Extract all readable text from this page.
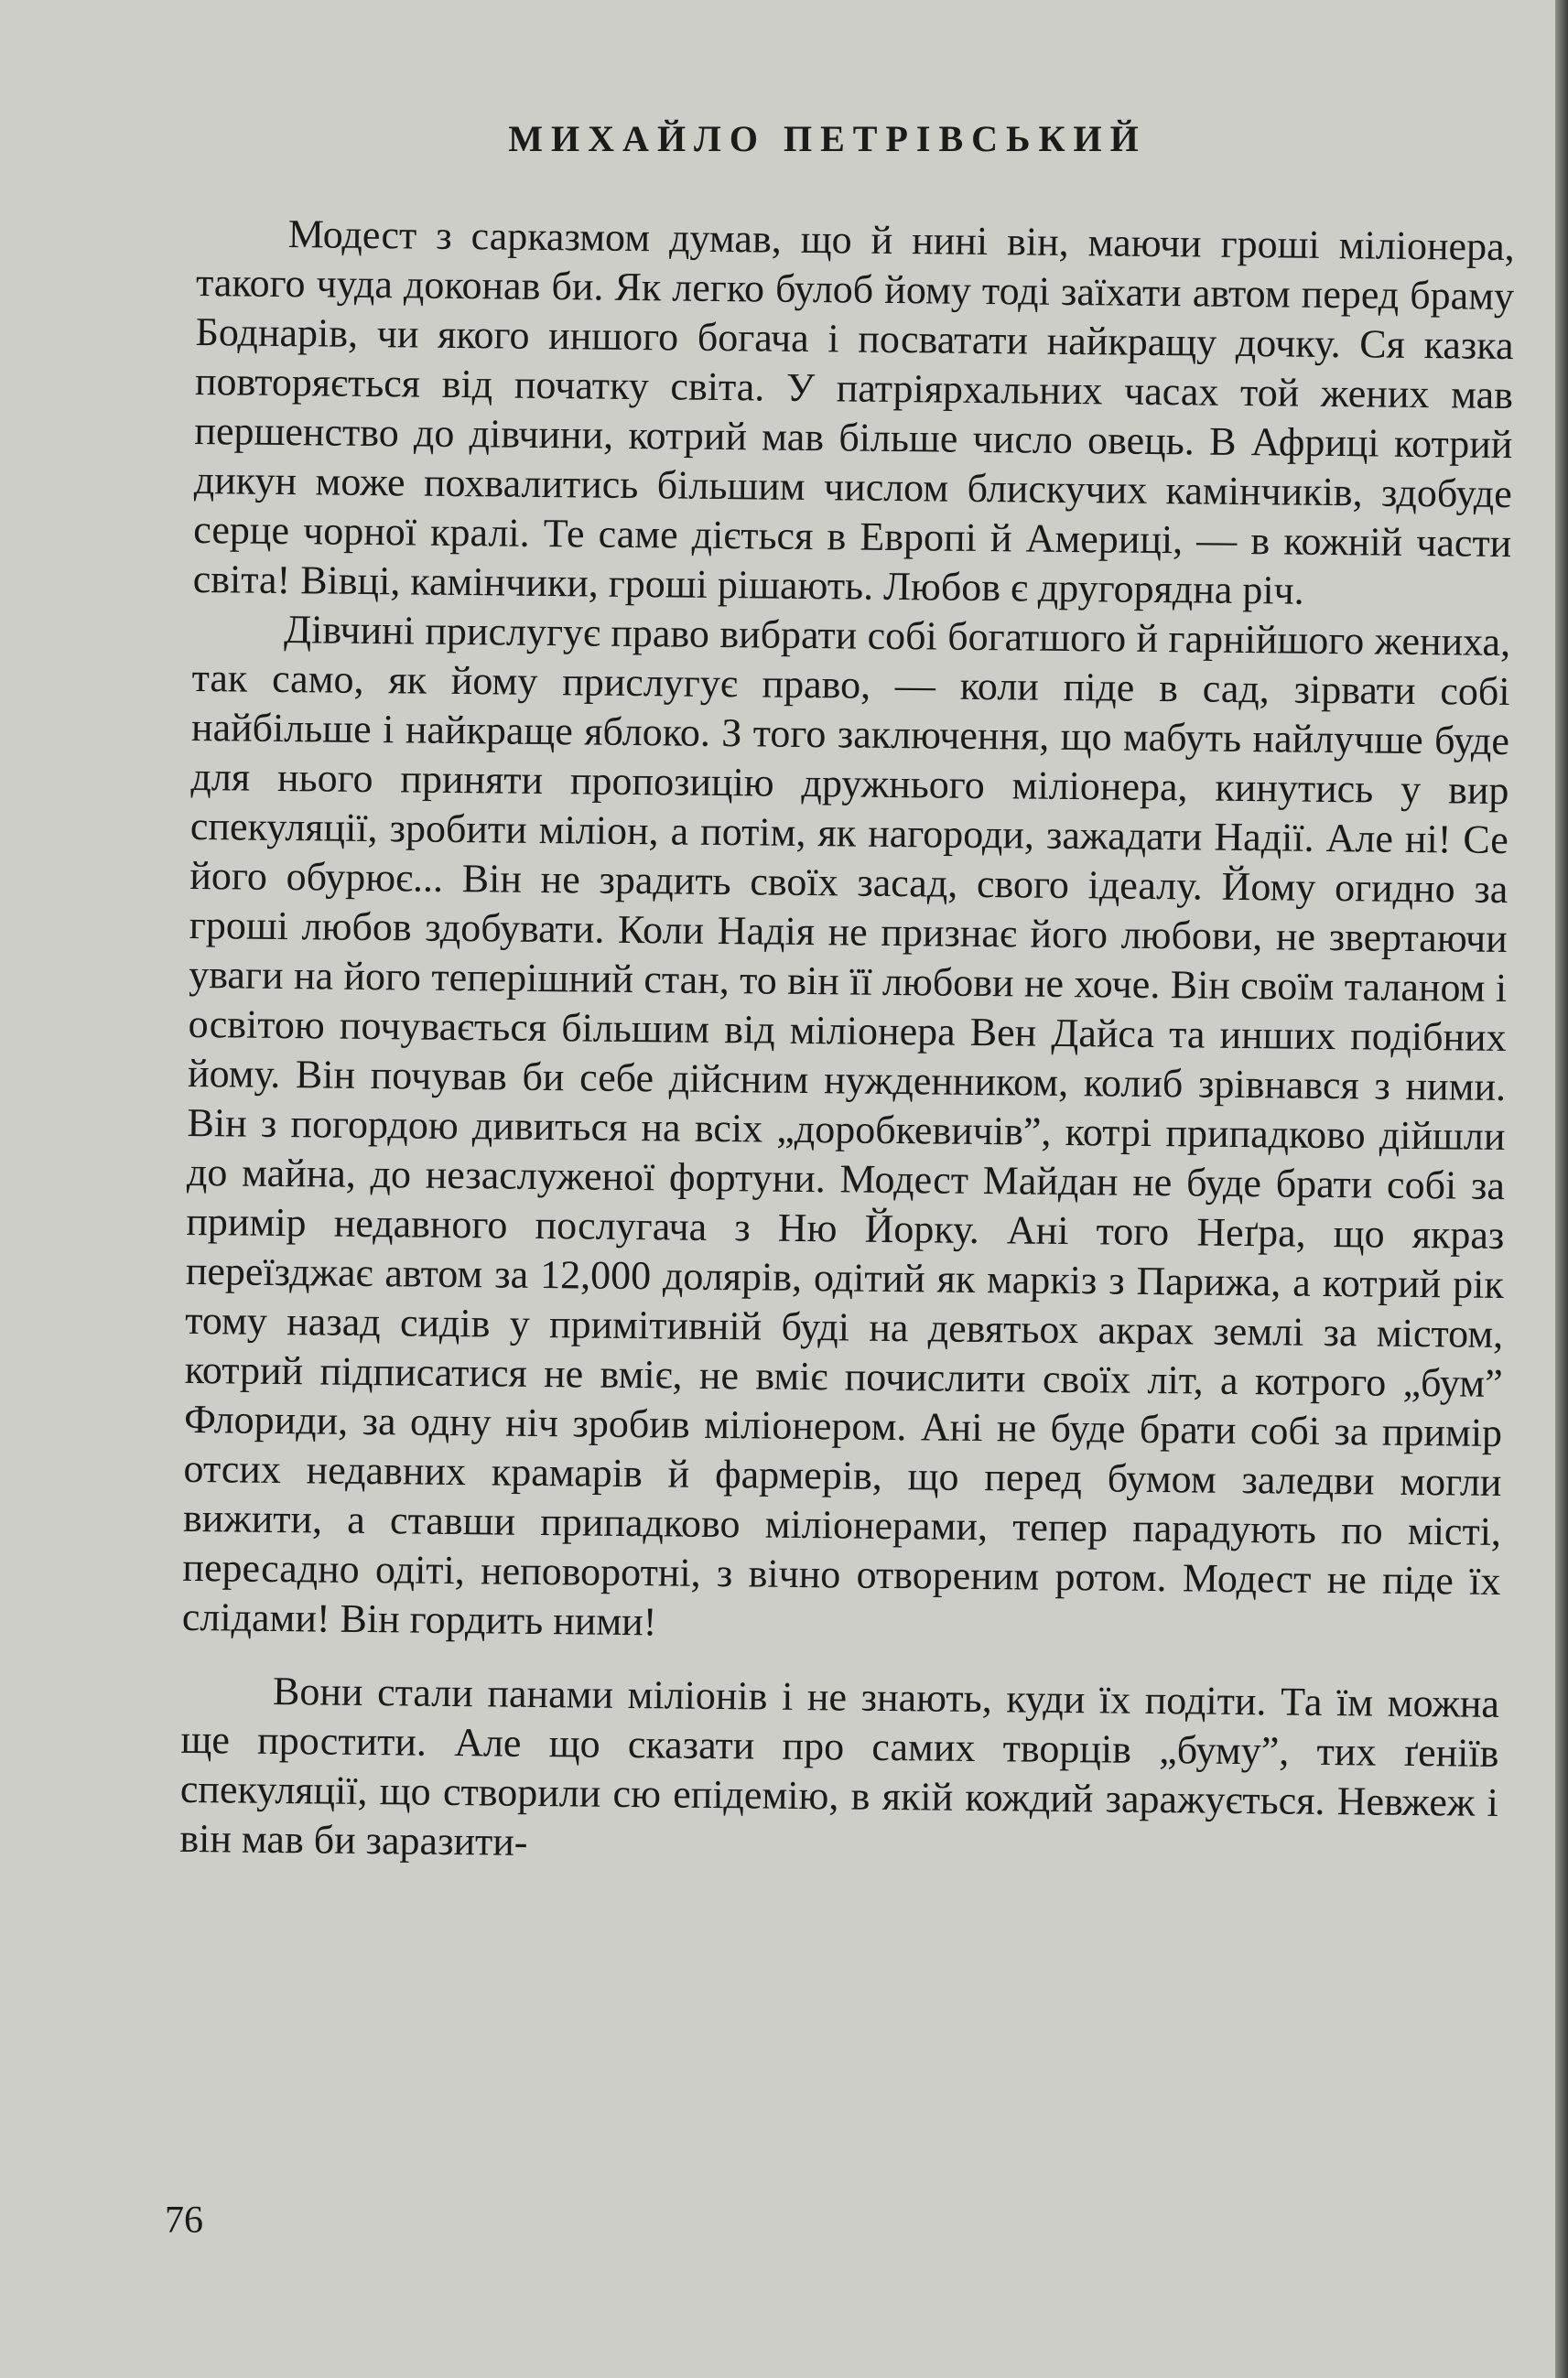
МИХАЙЛО ПЕТРІВСЬКИЙ

Модест з сарказмом думав, що й нині він, маючи гроші міліонера, такого чуда доконав би. Як легко булоб йому тоді заїхати автом перед браму Боднарів, чи якого иншого богача і посватати найкращу дочку. Ся казка повторяється від початку світа. У патріярхальних часах той жених мав першенство до дівчини, котрий мав більше число овець. В Африці котрий дикун може похвалитись більшим числом блискучих камінчиків, здобуде серце чорної кралі. Те саме діється в Европі й Америці, — в кожній части світа! Вівці, камінчики, гроші рішають. Любов є другорядна річ.

Дівчині прислугує право вибрати собі богатшого й гарнійшого жениха, так само, як йому прислугує право, — коли піде в сад, зірвати собі найбільше і найкраще яблоко. З того заключення, що мабуть найлучше буде для нього приняти пропозицію дружнього міліонера, кинутись у вир спекуляції, зробити міліон, а потім, як нагороди, зажадати Надії. Але ні! Се його обурює... Він не зрадить своїх засад, свого ідеалу. Йому огидно за гроші любов здобувати. Коли Надія не признає його любови, не звертаючи уваги на його теперішний стан, то він її любови не хоче. Він своїм таланом і освітою почувається більшим від міліонера Вен Дайса та инших подібних йому. Він почував би себе дійсним нужденником, колиб зрівнався з ними. Він з погордою дивиться на всіх „доробкевичів”, котрі припадково дійшли до майна, до незаслуженої фортуни. Модест Майдан не буде брати собі за примір недавного послугача з Ню Йорку. Ані того Неґра, що якраз переїзджає автом за 12,000 долярів, одітий як маркіз з Парижа, а котрий рік тому назад сидів у примітивній буді на девятьох акрах землі за містом, котрий підписатися не вміє, не вміє почислити своїх літ, а котрого „бум” Флориди, за одну ніч зробив міліонером. Ані не буде брати собі за примір отсих недавних крамарів й фармерів, що перед бумом заледви могли вижити, а ставши припадково міліонерами, тепер парадують по місті, пересадно одіті, неповоротні, з вічно отвореним ротом. Модест не піде їх слідами! Він гордить ними!

Вони стали панами міліонів і не знають, куди їх подіти. Та їм можна ще простити. Але що сказати про самих творців „буму”, тих ґеніїв спекуляції, що створили сю епідемію, в якій кождий заражується. Невжеж і він мав би заразити-

76
